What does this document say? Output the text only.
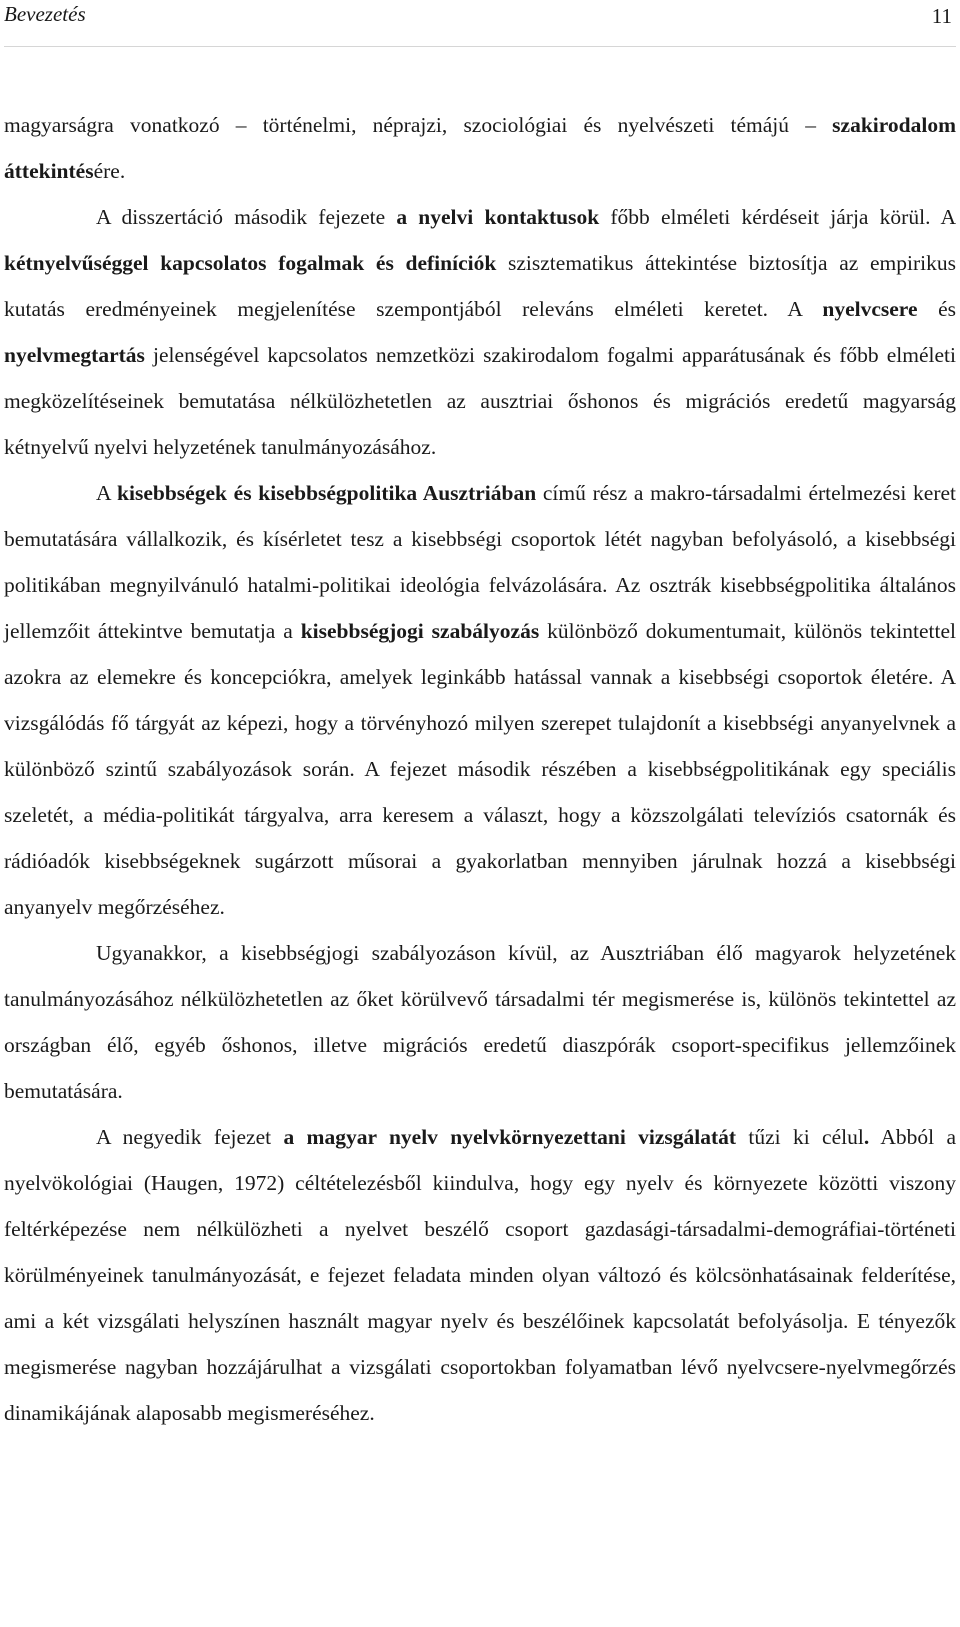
Bevezetés	11

magyarságra vonatkozó – történelmi, néprajzi, szociológiai és nyelvészeti témájú – szakirodalom áttekintésére.

A disszertáció második fejezete a nyelvi kontaktusok főbb elméleti kérdéseit járja körül. A kétnyelvűséggel kapcsolatos fogalmak és definíciók szisztematikus áttekintése biztosítja az empirikus kutatás eredményeinek megjelenítése szempontjából releváns elméleti keretet. A nyelvcsere és nyelvmegtartás jelenségével kapcsolatos nemzetközi szakirodalom fogalmi apparátusának és főbb elméleti megközelítéseinek bemutatása nélkülözhetetlen az ausztriai őshonos és migrációs eredetű magyarság kétnyelvű nyelvi helyzetének tanulmányozásához.

A kisebbségek és kisebbségpolitika Ausztriában című rész a makro-társadalmi értelmezési keret bemutatására vállalkozik, és kísérletet tesz a kisebbségi csoportok létét nagyban befolyásoló, a kisebbségi politikában megnyilvánuló hatalmi-politikai ideológia felvázolására. Az osztrák kisebbségpolitika általános jellemzőit áttekintve bemutatja a kisebbségjogi szabályozás különböző dokumentumait, különös tekintettel azokra az elemekre és koncepciókra, amelyek leginkább hatással vannak a kisebbségi csoportok életére. A vizsgálódás fő tárgyát az képezi, hogy a törvényhozó milyen szerepet tulajdonít a kisebbségi anyanyelvnek a különböző szintű szabályozások során. A fejezet második részében a kisebbségpolitikának egy speciális szeletét, a média-politikát tárgyalva, arra keresem a választ, hogy a közszolgálati televíziós csatornák és rádióadók kisebbségeknek sugárzott műsorai a gyakorlatban mennyiben járulnak hozzá a kisebbségi anyanyelv megőrzéséhez.

Ugyanakkor, a kisebbségjogi szabályozáson kívül, az Ausztriában élő magyarok helyzetének tanulmányozásához nélkülözhetetlen az őket körülvevő társadalmi tér megismerése is, különös tekintettel az országban élő, egyéb őshonos, illetve migrációs eredetű diaszpórák csoport-specifikus jellemzőinek bemutatására.

A negyedik fejezet a magyar nyelv nyelvkörnyezettani vizsgálatát tűzi ki célul. Abból a nyelvökológiai (Haugen, 1972) céltételezésből kiindulva, hogy egy nyelv és környezete közötti viszony feltérképezése nem nélkülözheti a nyelvet beszélő csoport gazdasági-társadalmi-demográfiai-történeti körülményeinek tanulmányozását, e fejezet feladata minden olyan változó és kölcsönhatásainak felderítése, ami a két vizsgálati helyszínen használt magyar nyelv és beszélőinek kapcsolatát befolyásolja. E tényezők megismerése nagyban hozzájárulhat a vizsgálati csoportokban folyamatban lévő nyelvcsere-nyelvmegőrzés dinamikájának alaposabb megismeréséhez.
